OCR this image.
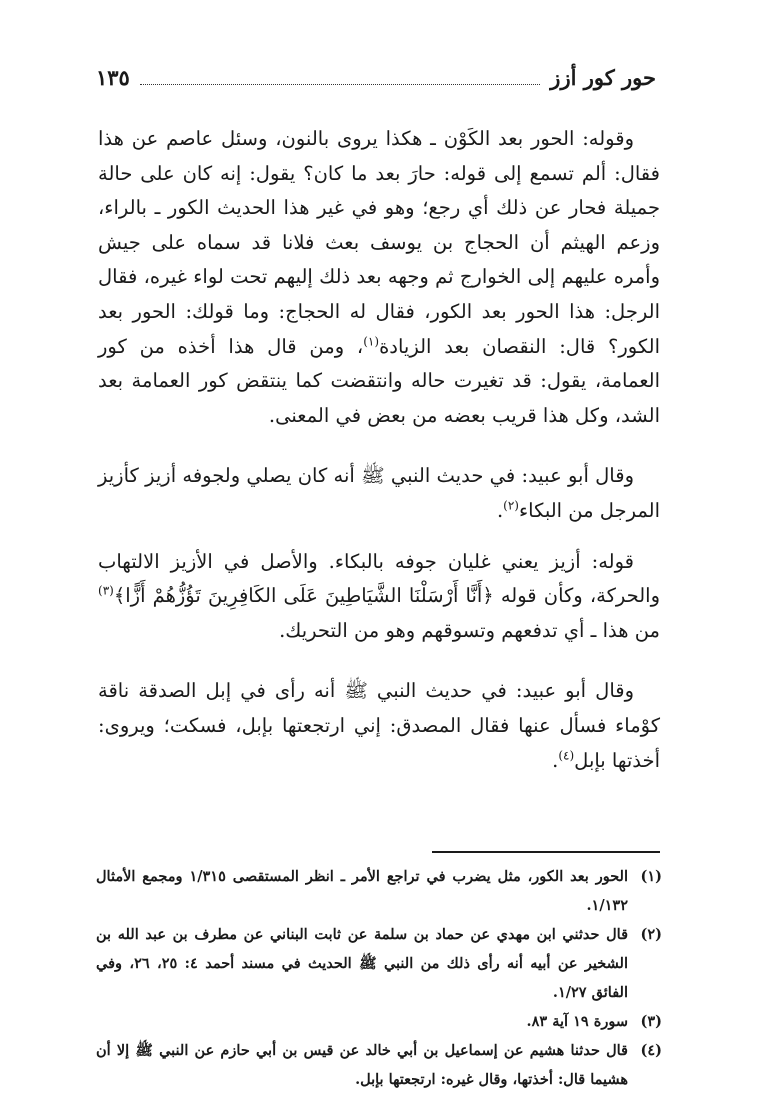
حور كور أزز
١٣٥

وقوله: الحور بعد الكَوْن ـ هكذا يروى بالنون، وسئل عاصم عن هذا فقال: ألم تسمع إلى قوله: حارَ بعد ما كان؟ يقول: إنه كان على حالة جميلة فحار عن ذلك أي رجع؛ وهو في غير هذا الحديث الكور ـ بالراء، وزعم الهيثم أن الحجاج بن يوسف بعث فلانا قد سماه على جيش وأمره عليهم إلى الخوارج ثم وجهه بعد ذلك إليهم تحت لواء غيره، فقال الرجل: هذا الحور بعد الكور، فقال له الحجاج: وما قولك: الحور بعد الكور؟ قال: النقصان بعد الزيادة$^{(١)}$، ومن قال هذا أخذه من كور العمامة، يقول: قد تغيرت حاله وانتقضت كما ينتقض كور العمامة بعد الشد، وكل هذا قريب بعضه من بعض في المعنى.

وقال أبو عبيد: في حديث النبي ﷺ أنه كان يصلي ولجوفه أزيز كأزيز المرجل من البكاء$^{(٢)}$.

قوله: أزيز يعني غليان جوفه بالبكاء. والأصل في الأزيز الالتهاب والحركة، وكأن قوله ﴿أَنَّا أَرْسَلْنَا الشَّيَاطِينَ عَلَى الكَافِرِينَ تَؤُزُّهُمْ أَزًّا﴾$^{(٣)}$ من هذا ـ أي تدفعهم وتسوقهم وهو من التحريك.

وقال أبو عبيد: في حديث النبي ﷺ أنه رأى في إبل الصدقة ناقة كوْماء فسأل عنها فقال المصدق: إني ارتجعتها بإبل، فسكت؛ ويروى: أخذتها بإبل$^{(٤)}$.

(١)
الحور بعد الكور، مثل يضرب في تراجع الأمر ـ انظر المستقصى ١/٣١٥ ومجمع الأمثال ١/١٣٢.
(٢)
قال حدثني ابن مهدي عن حماد بن سلمة عن ثابت البناني عن مطرف بن عبد الله بن الشخير عن أبيه أنه رأى ذلك من النبي ﷺ الحديث في مسند أحمد ٤: ٢٥، ٢٦، وفي الفائق ١/٢٧.
(٣)
سورة ١٩ آية ٨٣.
(٤)
قال حدثنا هشيم عن إسماعيل بن أبي خالد عن قيس بن أبي حازم عن النبي ﷺ إلا أن هشيما قال: أخذتها، وقال غيره: ارتجعتها بإبل.
